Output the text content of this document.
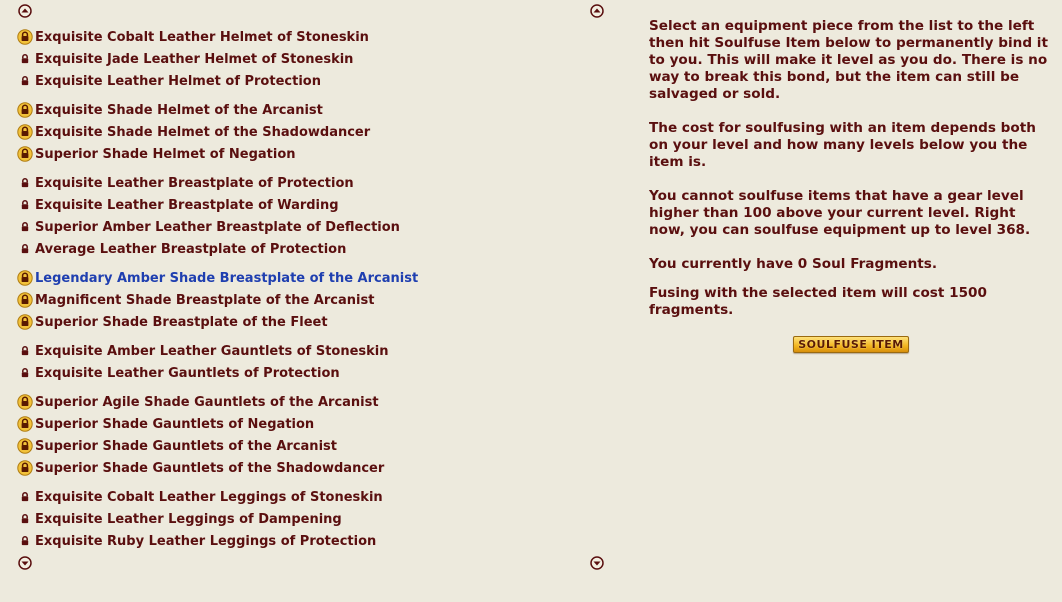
Exquisite Cobalt Leather Helmet of Stoneskin
Exquisite Jade Leather Helmet of Stoneskin
Exquisite Leather Helmet of Protection
Exquisite Shade Helmet of the Arcanist
Exquisite Shade Helmet of the Shadowdancer
Superior Shade Helmet of Negation
Exquisite Leather Breastplate of Protection
Exquisite Leather Breastplate of Warding
Superior Amber Leather Breastplate of Deflection
Average Leather Breastplate of Protection
Legendary Amber Shade Breastplate of the Arcanist
Magnificent Shade Breastplate of the Arcanist
Superior Shade Breastplate of the Fleet
Exquisite Amber Leather Gauntlets of Stoneskin
Exquisite Leather Gauntlets of Protection
Superior Agile Shade Gauntlets of the Arcanist
Superior Shade Gauntlets of Negation
Superior Shade Gauntlets of the Arcanist
Superior Shade Gauntlets of the Shadowdancer
Exquisite Cobalt Leather Leggings of Stoneskin
Exquisite Leather Leggings of Dampening
Exquisite Ruby Leather Leggings of Protection

Select an equipment piece from the list to the left then hit Soulfuse Item below to permanently bind it to you. This will make it level as you do. There is no way to break this bond, but the item can still be salvaged or sold.

The cost for soulfusing with an item depends both on your level and how many levels below you the item is.

You cannot soulfuse items that have a gear level higher than 100 above your current level. Right now, you can soulfuse equipment up to level 368.

You currently have 0 Soul Fragments.

Fusing with the selected item will cost 1500 fragments.

SOULFUSE ITEM
